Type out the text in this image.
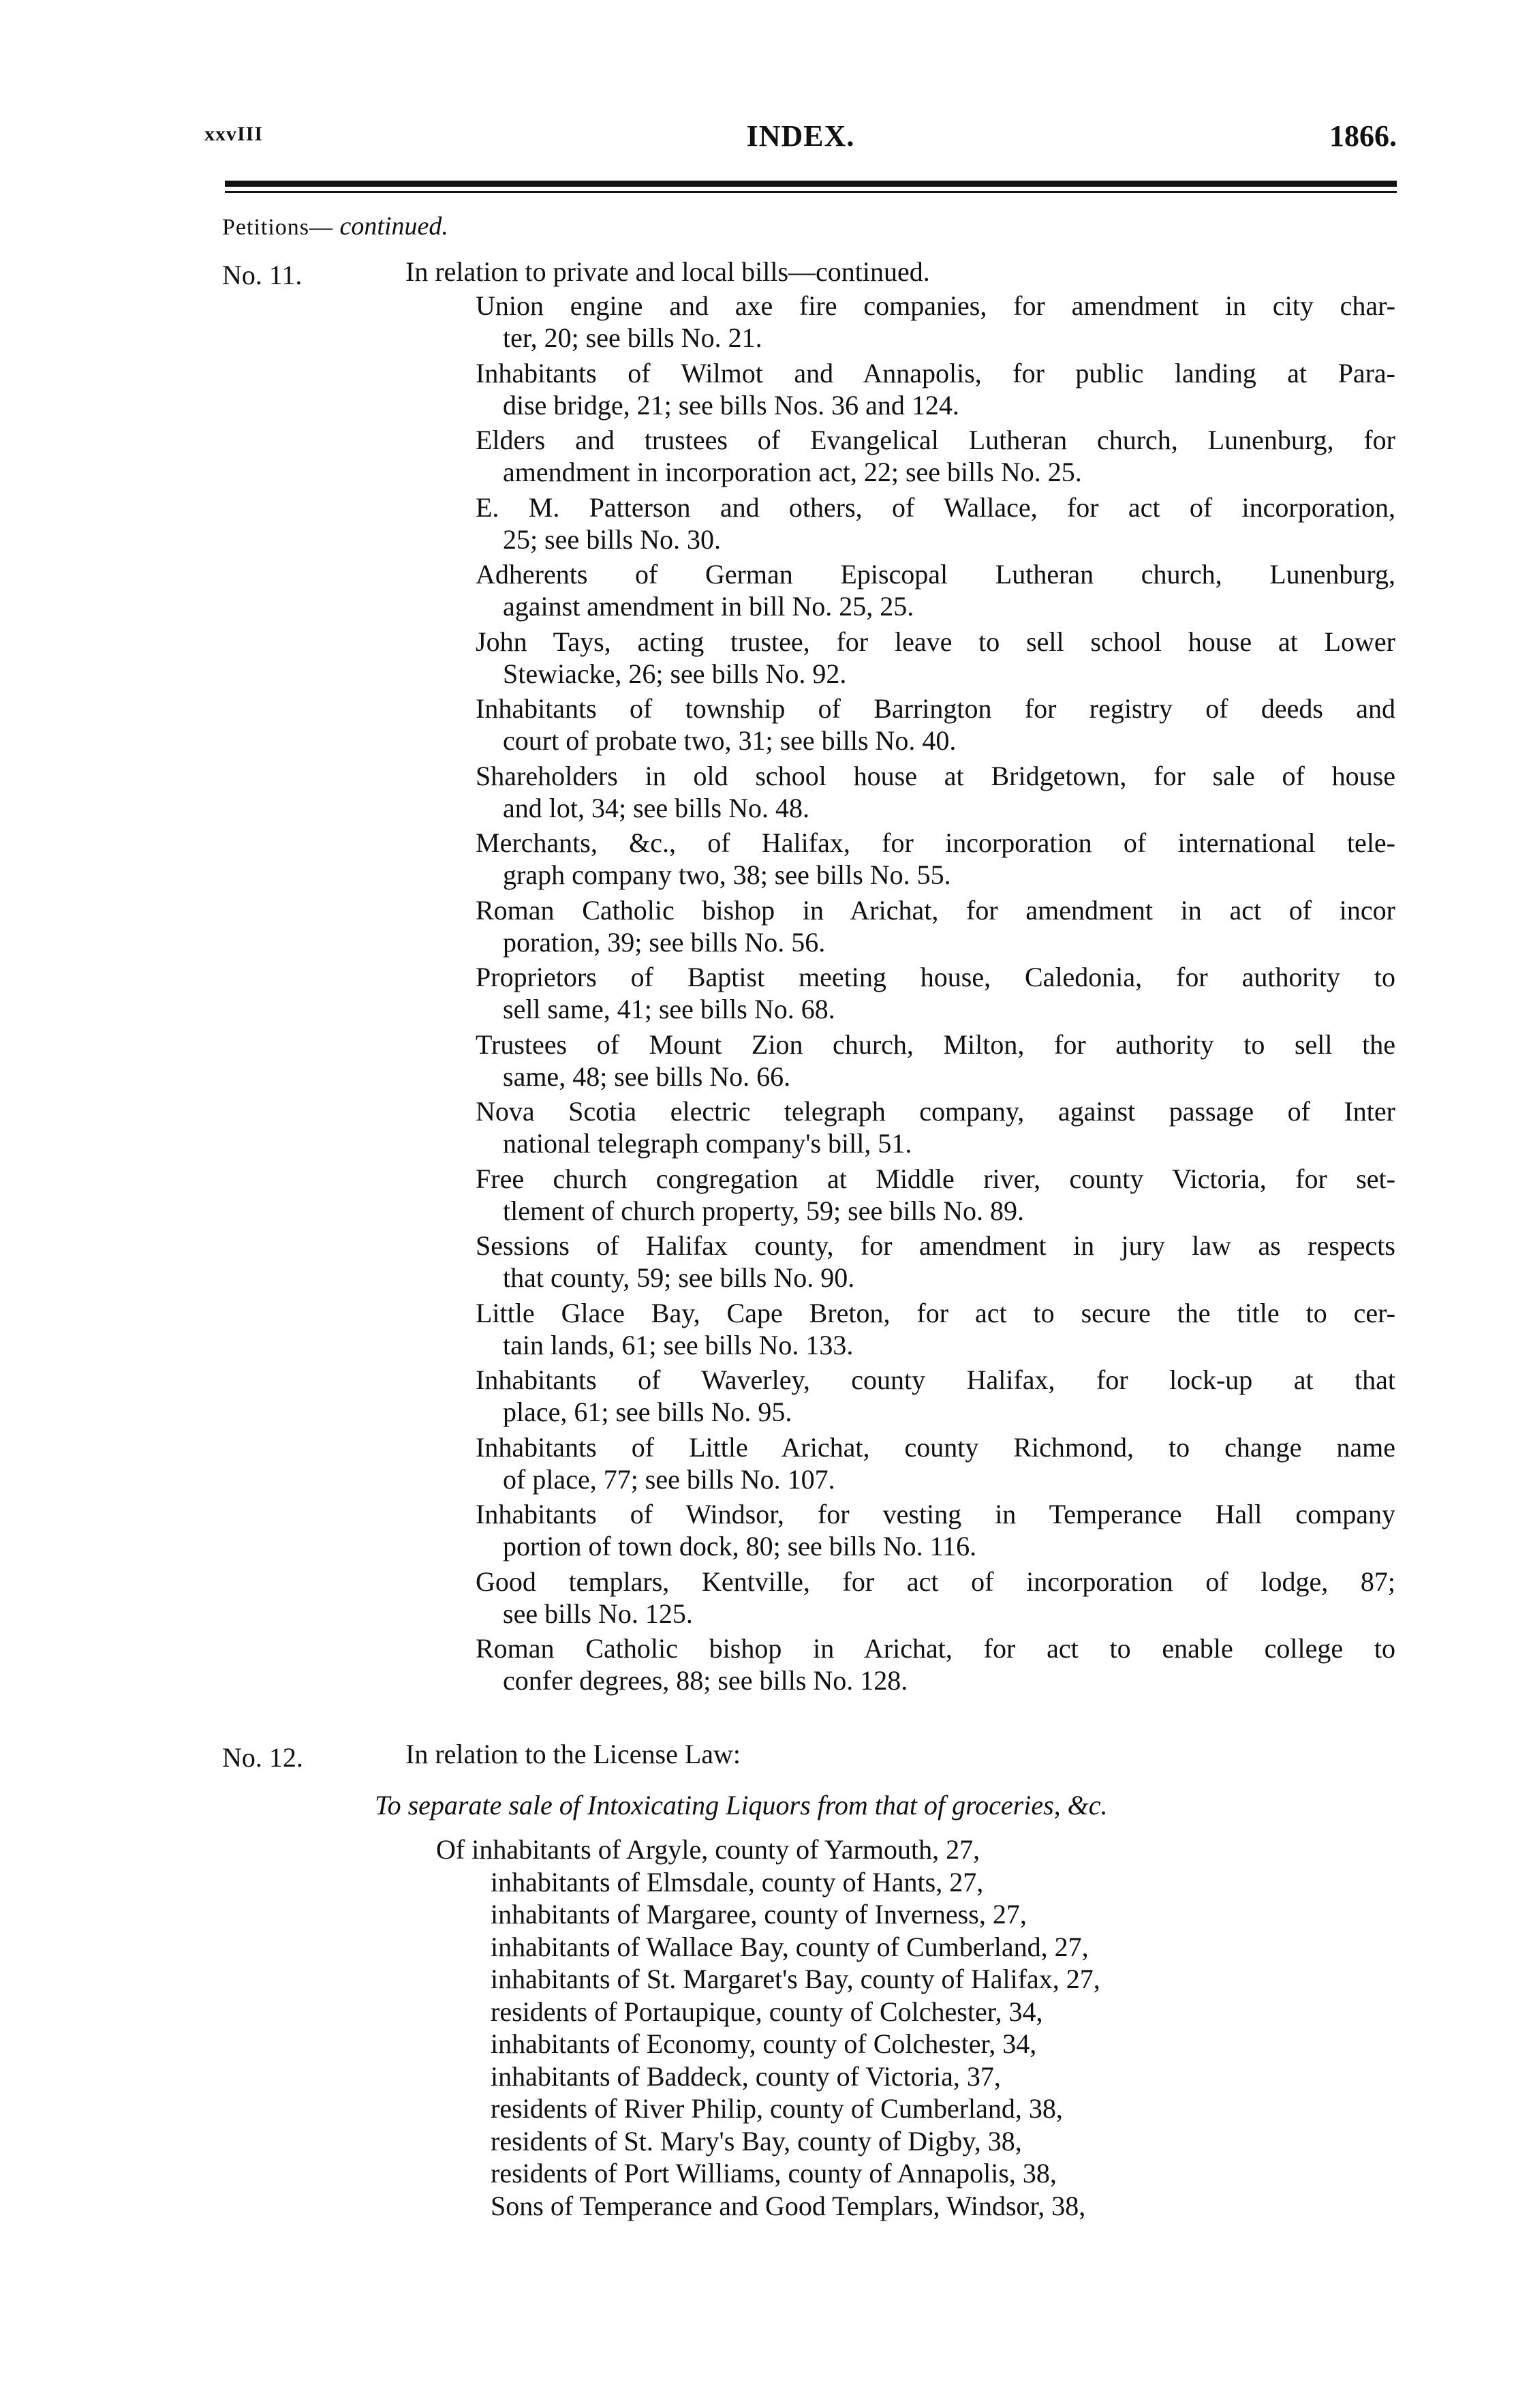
xxvIII	INDEX.	1866.
Petitions— continued.
No. 11.	In relation to private and local bills—continued.
Union engine and axe fire companies, for amendment in city char-
ter, 20; see bills No. 21.
Inhabitants of Wilmot and Annapolis, for public landing at Para-
dise bridge, 21; see bills Nos. 36 and 124.
Elders and trustees of Evangelical Lutheran church, Lunenburg, for
amendment in incorporation act, 22; see bills No. 25.
E. M. Patterson and others, of Wallace, for act of incorporation,
25; see bills No. 30.
Adherents of German Episcopal Lutheran church, Lunenburg,
against amendment in bill No. 25, 25.
John Tays, acting trustee, for leave to sell school house at Lower
Stewiacke, 26; see bills No. 92.
Inhabitants of township of Barrington for registry of deeds and
court of probate two, 31; see bills No. 40.
Shareholders in old school house at Bridgetown, for sale of house
and lot, 34; see bills No. 48.
Merchants, &c., of Halifax, for incorporation of international tele-
graph company two, 38; see bills No. 55.
Roman Catholic bishop in Arichat, for amendment in act of incor
poration, 39; see bills No. 56.
Proprietors of Baptist meeting house, Caledonia, for authority to
sell same, 41; see bills No. 68.
Trustees of Mount Zion church, Milton, for authority to sell the
same, 48; see bills No. 66.
Nova Scotia electric telegraph company, against passage of Inter
national telegraph company's bill, 51.
Free church congregation at Middle river, county Victoria, for set-
tlement of church property, 59; see bills No. 89.
Sessions of Halifax county, for amendment in jury law as respects
that county, 59; see bills No. 90.
Little Glace Bay, Cape Breton, for act to secure the title to cer-
tain lands, 61; see bills No. 133.
Inhabitants of Waverley, county Halifax, for lock-up at that
place, 61; see bills No. 95.
Inhabitants of Little Arichat, county Richmond, to change name
of place, 77; see bills No. 107.
Inhabitants of Windsor, for vesting in Temperance Hall company
portion of town dock, 80; see bills No. 116.
Good templars, Kentville, for act of incorporation of lodge, 87;
see bills No. 125.
Roman Catholic bishop in Arichat, for act to enable college to
confer degrees, 88; see bills No. 128.
No. 12.	In relation to the License Law:
To separate sale of Intoxicating Liquors from that of groceries, &c.
Of inhabitants of Argyle, county of Yarmouth, 27,
inhabitants of Elmsdale, county of Hants, 27,
inhabitants of Margaree, county of Inverness, 27,
inhabitants of Wallace Bay, county of Cumberland, 27,
inhabitants of St. Margaret's Bay, county of Halifax, 27,
residents of Portaupique, county of Colchester, 34,
inhabitants of Economy, county of Colchester, 34,
inhabitants of Baddeck, county of Victoria, 37,
residents of River Philip, county of Cumberland, 38,
residents of St. Mary's Bay, county of Digby, 38,
residents of Port Williams, county of Annapolis, 38,
Sons of Temperance and Good Templars, Windsor, 38,
